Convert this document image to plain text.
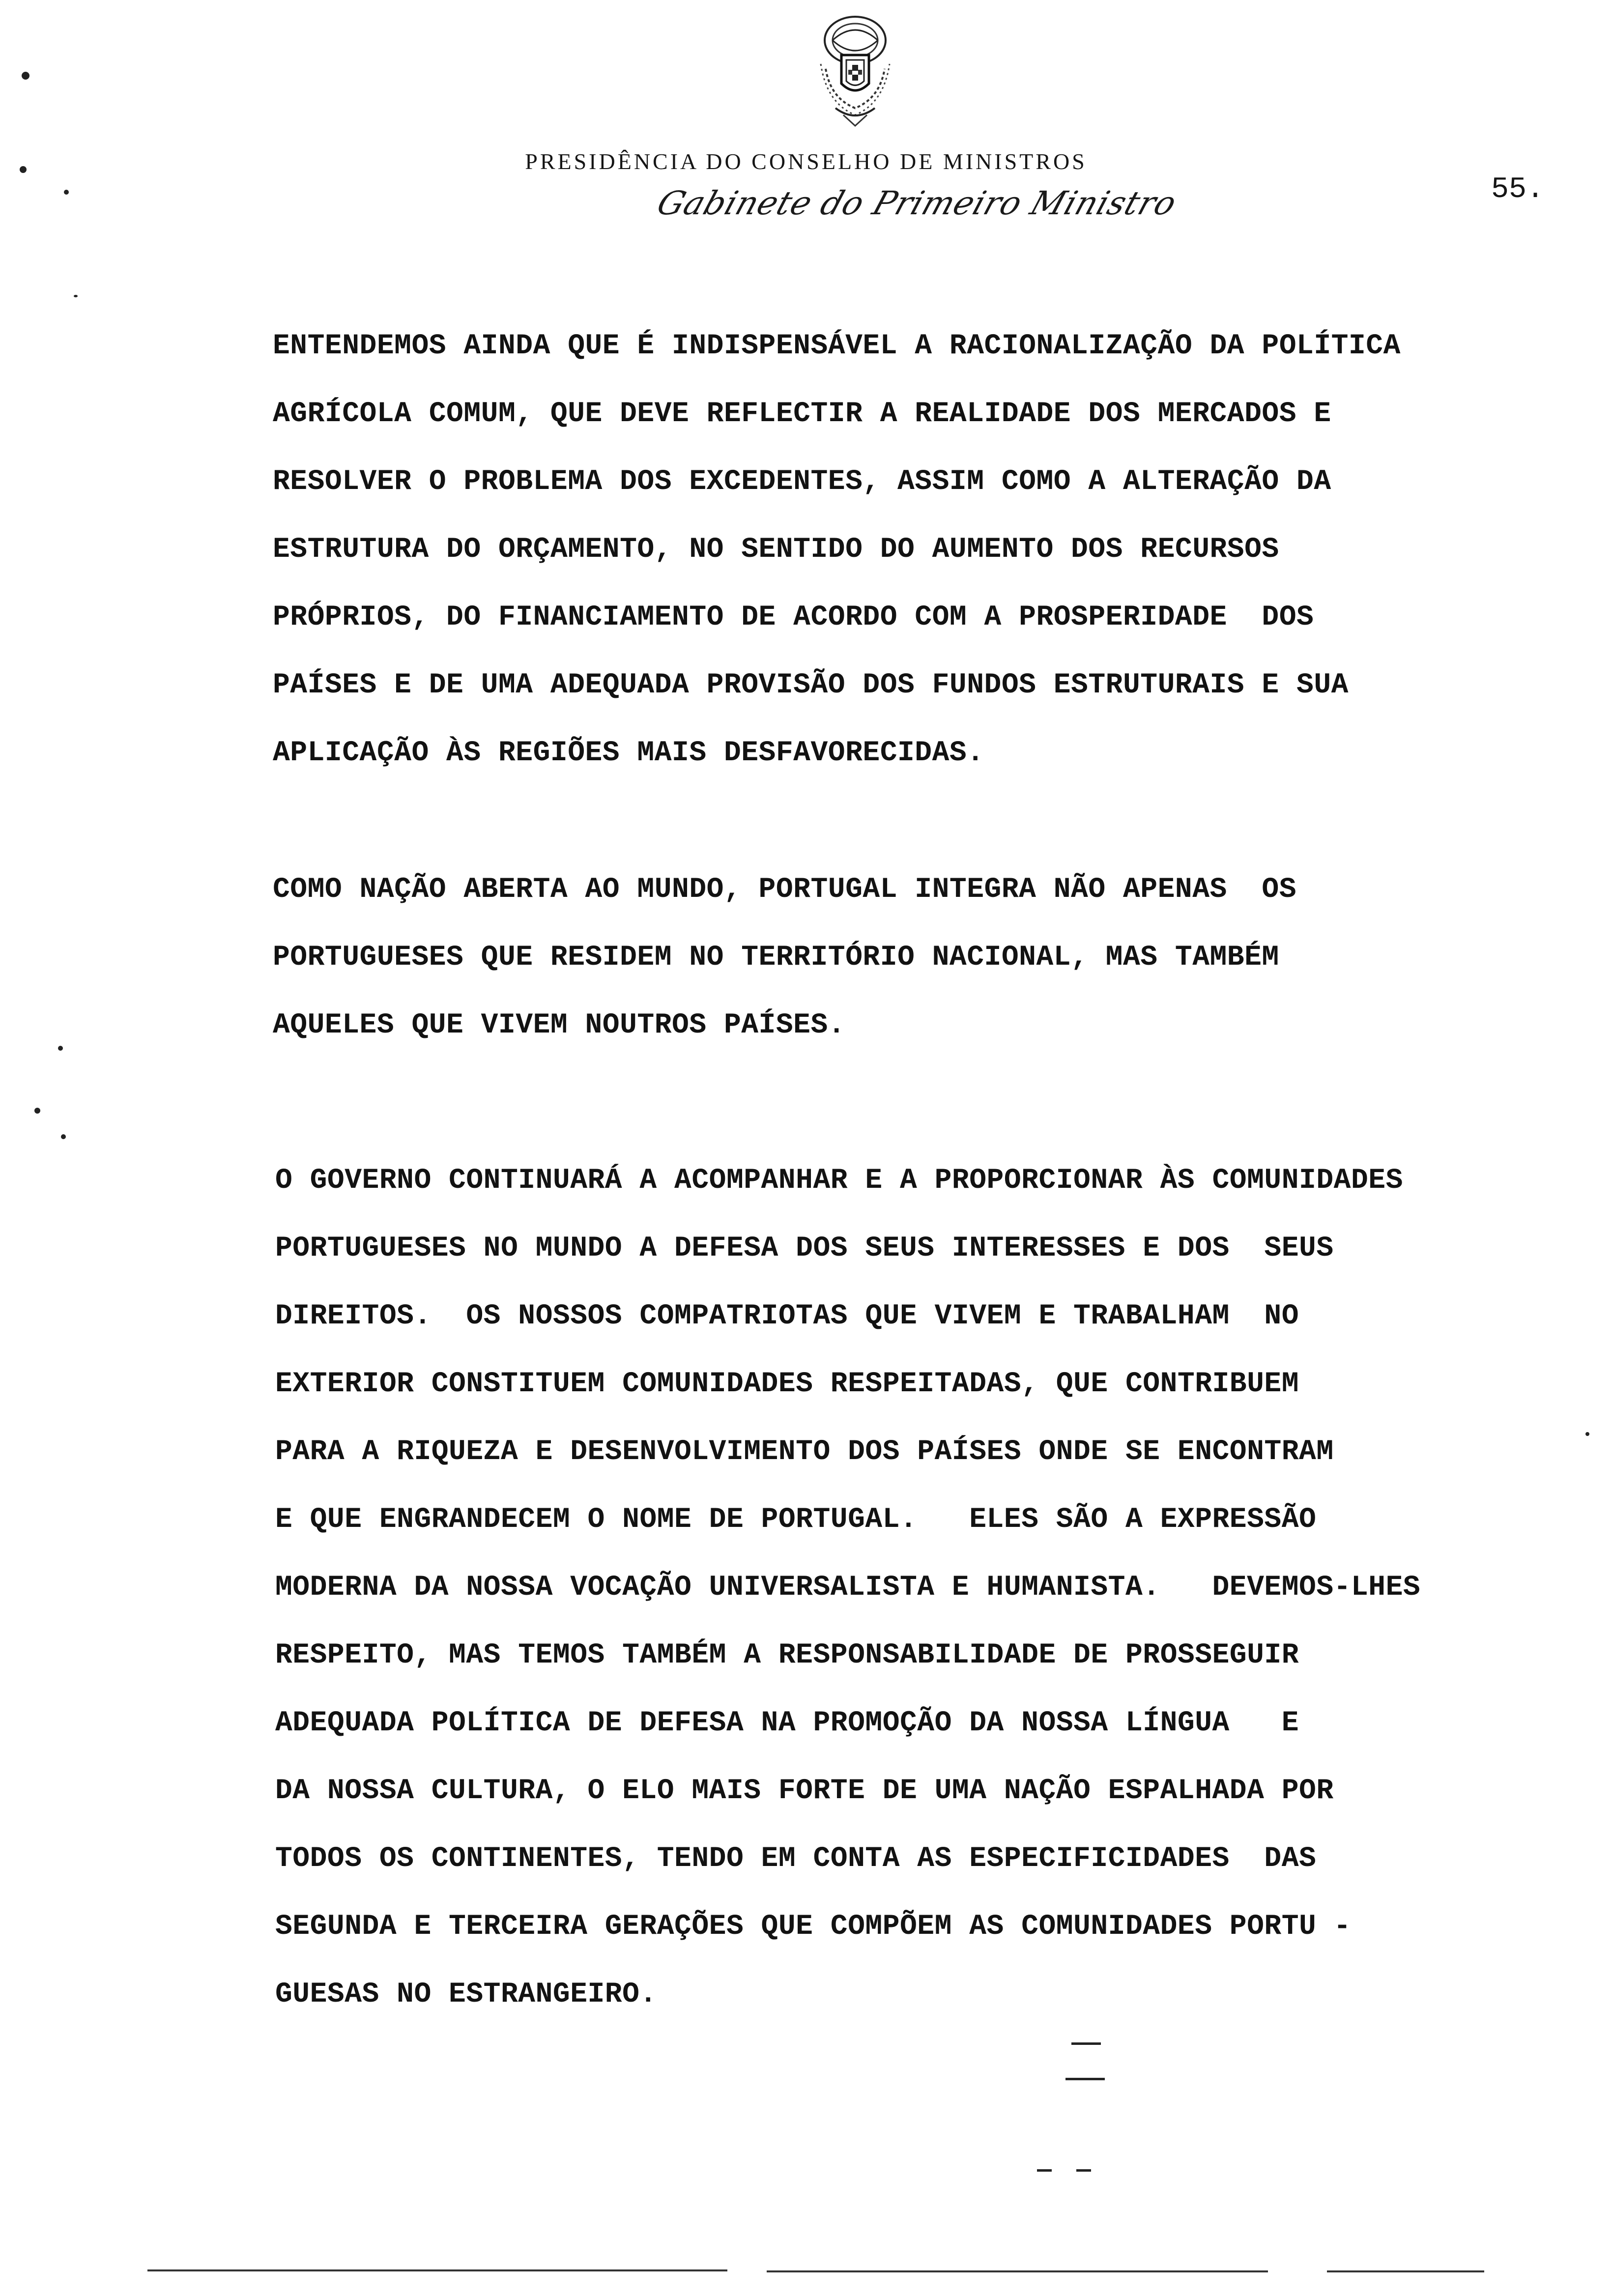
PRESIDÊNCIA DO CONSELHO DE MINISTROS
Gabinete do Primeiro Ministro	55.
ENTENDEMOS AINDA QUE É INDISPENSÁVEL A RACIONALIZAÇÃO DA POLÍTICA
AGRÍCOLA COMUM, QUE DEVE REFLECTIR A REALIDADE DOS MERCADOS E
RESOLVER O PROBLEMA DOS EXCEDENTES, ASSIM COMO A ALTERAÇÃO DA
ESTRUTURA DO ORÇAMENTO, NO SENTIDO DO AUMENTO DOS RECURSOS
PRÓPRIOS, DO FINANCIAMENTO DE ACORDO COM A PROSPERIDADE  DOS
PAÍSES E DE UMA ADEQUADA PROVISÃO DOS FUNDOS ESTRUTURAIS E SUA
APLICAÇÃO ÀS REGIÕES MAIS DESFAVORECIDAS.
COMO NAÇÃO ABERTA AO MUNDO, PORTUGAL INTEGRA NÃO APENAS  OS
PORTUGUESES QUE RESIDEM NO TERRITÓRIO NACIONAL, MAS TAMBÉM
AQUELES QUE VIVEM NOUTROS PAÍSES.
O GOVERNO CONTINUARÁ A ACOMPANHAR E A PROPORCIONAR ÀS COMUNIDADES
PORTUGUESES NO MUNDO A DEFESA DOS SEUS INTERESSES E DOS  SEUS
DIREITOS.  OS NOSSOS COMPATRIOTAS QUE VIVEM E TRABALHAM  NO
EXTERIOR CONSTITUEM COMUNIDADES RESPEITADAS, QUE CONTRIBUEM
PARA A RIQUEZA E DESENVOLVIMENTO DOS PAÍSES ONDE SE ENCONTRAM
E QUE ENGRANDECEM O NOME DE PORTUGAL.   ELES SÃO A EXPRESSÃO
MODERNA DA NOSSA VOCAÇÃO UNIVERSALISTA E HUMANISTA.   DEVEMOS-LHES
RESPEITO, MAS TEMOS TAMBÉM A RESPONSABILIDADE DE PROSSEGUIR
ADEQUADA POLÍTICA DE DEFESA NA PROMOÇÃO DA NOSSA LÍNGUA   E
DA NOSSA CULTURA, O ELO MAIS FORTE DE UMA NAÇÃO ESPALHADA POR
TODOS OS CONTINENTES, TENDO EM CONTA AS ESPECIFICIDADES  DAS
SEGUNDA E TERCEIRA GERAÇÕES QUE COMPÕEM AS COMUNIDADES PORTU -
GUESAS NO ESTRANGEIRO.
